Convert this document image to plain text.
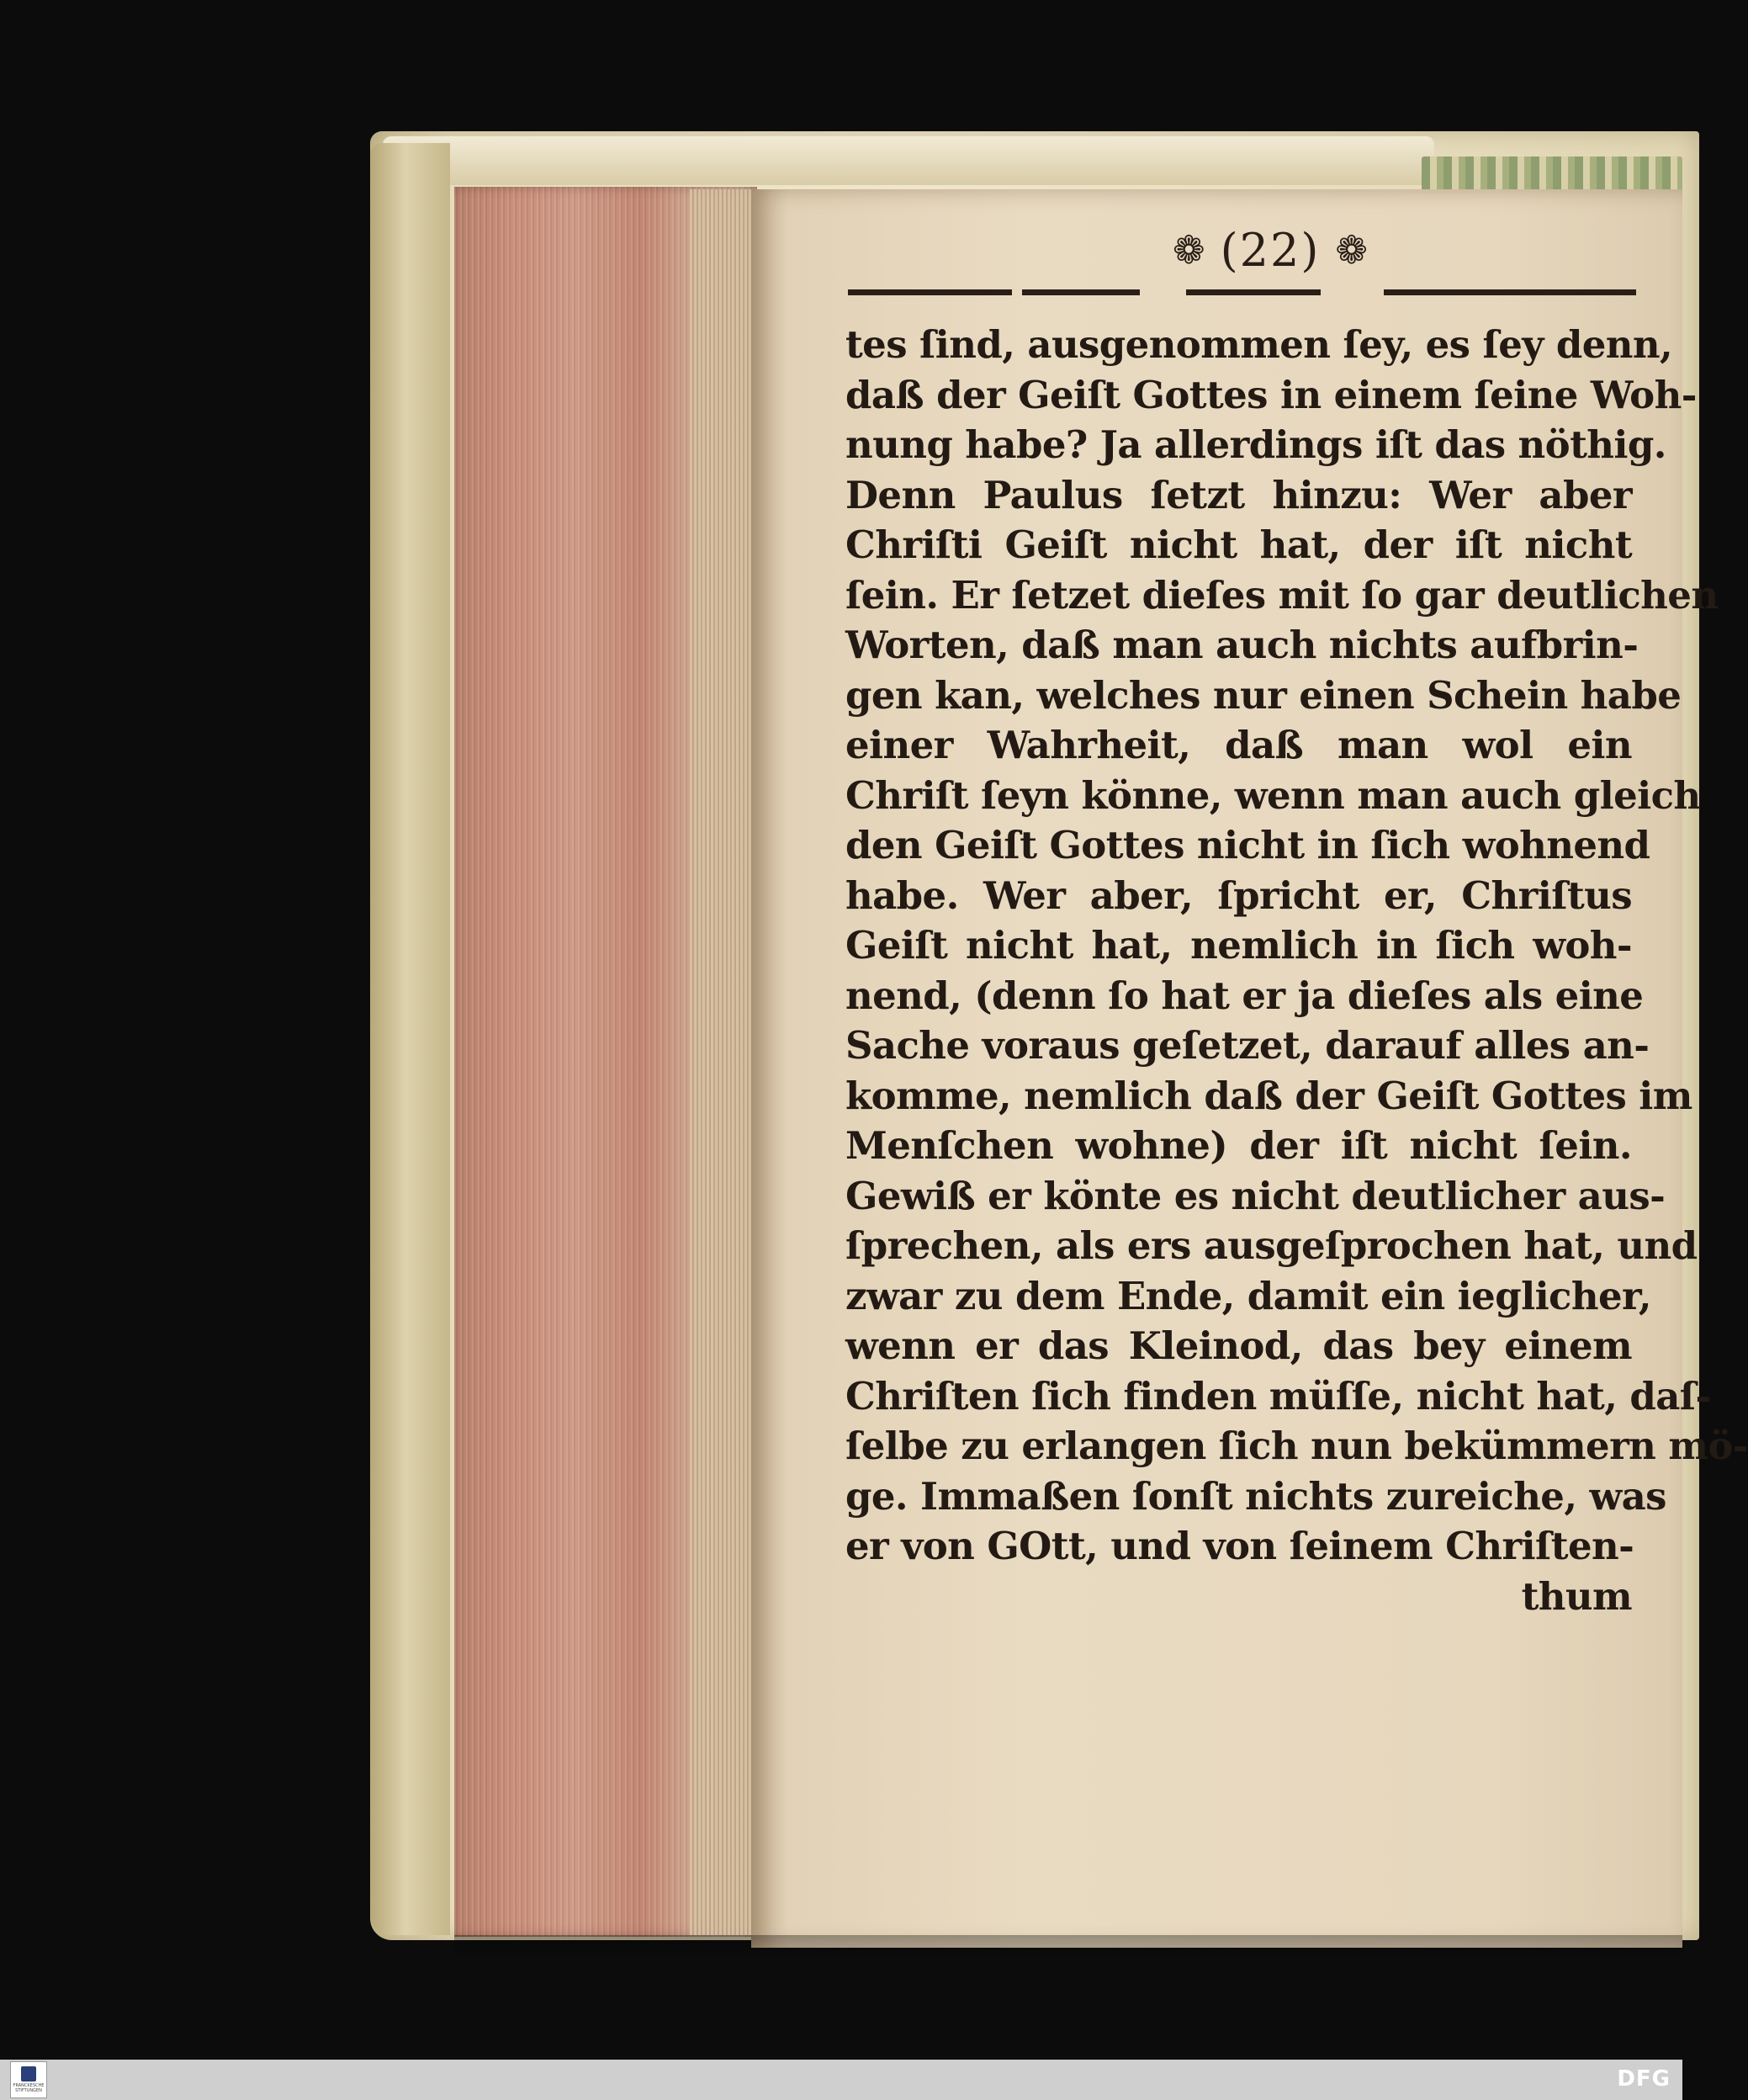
❁ (22) ❁
tes ſind, ausgenommen ſey, es ſey denn,
daß der Geiſt Gottes in einem ſeine Woh-
nung habe? Ja allerdings iſt das nöthig.
Denn Paulus ſetzt hinzu: Wer aber
Chriſti Geiſt nicht hat, der iſt nicht
ſein. Er ſetzet dieſes mit ſo gar deutlichen
Worten, daß man auch nichts aufbrin-
gen kan, welches nur einen Schein habe
einer Wahrheit, daß man wol ein
Chriſt ſeyn könne, wenn man auch gleich
den Geiſt Gottes nicht in ſich wohnend
habe. Wer aber, ſpricht er, Chriſtus
Geiſt nicht hat, nemlich in ſich woh-
nend, (denn ſo hat er ja dieſes als eine
Sache voraus geſetzet, darauf alles an-
komme, nemlich daß der Geiſt Gottes im
Menſchen wohne) der iſt nicht ſein.
Gewiß er könte es nicht deutlicher aus-
ſprechen, als ers ausgeſprochen hat, und
zwar zu dem Ende, damit ein ieglicher,
wenn er das Kleinod, das bey einem
Chriſten ſich finden müſſe, nicht hat, daſ-
ſelbe zu erlangen ſich nun bekümmern mö-
ge. Immaßen ſonſt nichts zureiche, was
er von GOtt, und von ſeinem Chriſten-
thum
FRANCKESCHE STIFTUNGEN	DFG
